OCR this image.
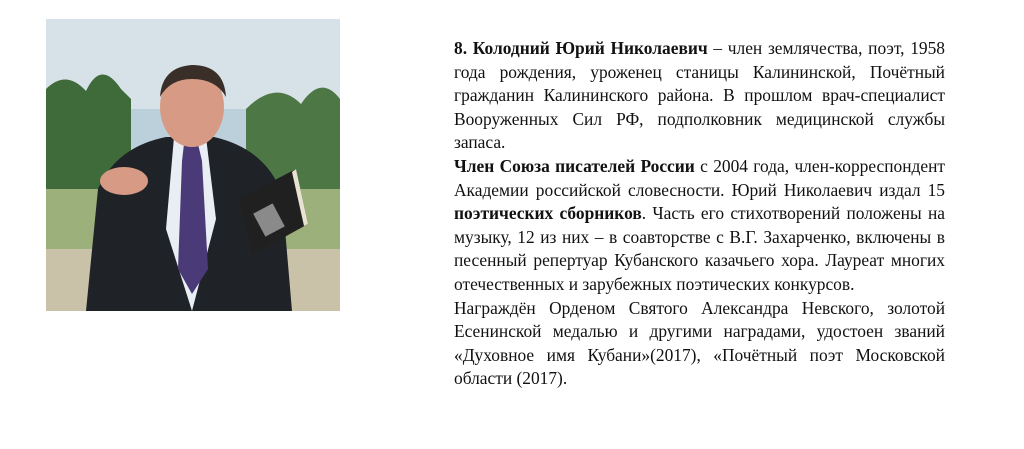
8. Колодний Юрий Николаевич – член землячества, поэт, 1958 года рождения, уроженец станицы Калининской, Почётный гражданин Калининского района. В прошлом врач-специалист Вооруженных Сил РФ, подполковник медицинской службы запаса.

Член Союза писателей России с 2004 года, член-корреспондент Академии российской словесности. Юрий Николаевич издал 15 поэтических сборников. Часть его стихотворений положены на музыку, 12 из них – в соавторстве с В.Г. Захарченко, включены в песенный репертуар Кубанского казачьего хора. Лауреат многих отечественных и зарубежных поэтических конкурсов.

Награждён Орденом Святого Александра Невского, золотой Есенинской медалью и другими наградами, удостоен званий «Духовное имя Кубани»(2017), «Почётный поэт Московской области (2017).
